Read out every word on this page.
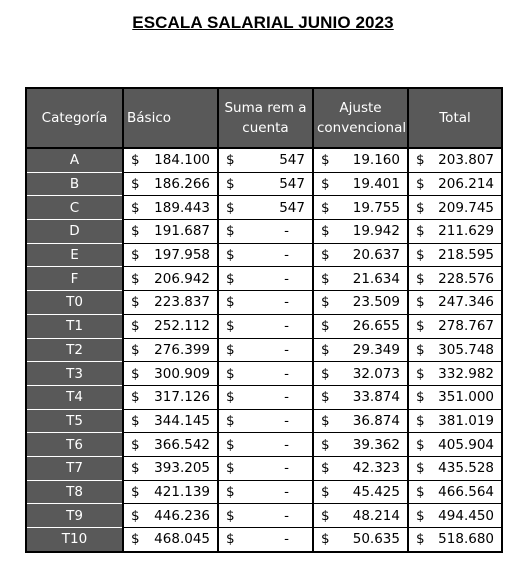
ESCALA SALARIAL JUNIO 2023
Categoría	Básico	Suma rem a cuenta	Ajuste convencional	Total
A	$ 184.100	$ 547	$ 19.160	$ 203.807

B	$ 186.266	$ 547	$ 19.401	$ 206.214

C	$ 189.443	$ 547	$ 19.755	$ 209.745

D	$ 191.687	$ -	$ 19.942	$ 211.629

E	$ 197.958	$ -	$ 20.637	$ 218.595

F	$ 206.942	$ -	$ 21.634	$ 228.576

T0	$ 223.837	$ -	$ 23.509	$ 247.346

T1	$ 252.112	$ -	$ 26.655	$ 278.767

T2	$ 276.399	$ -	$ 29.349	$ 305.748

T3	$ 300.909	$ -	$ 32.073	$ 332.982

T4	$ 317.126	$ -	$ 33.874	$ 351.000

T5	$ 344.145	$ -	$ 36.874	$ 381.019

T6	$ 366.542	$ -	$ 39.362	$ 405.904

T7	$ 393.205	$ -	$ 42.323	$ 435.528

T8	$ 421.139	$ -	$ 45.425	$ 466.564

T9	$ 446.236	$ -	$ 48.214	$ 494.450

T10	$ 468.045	$ -	$ 50.635	$ 518.680
